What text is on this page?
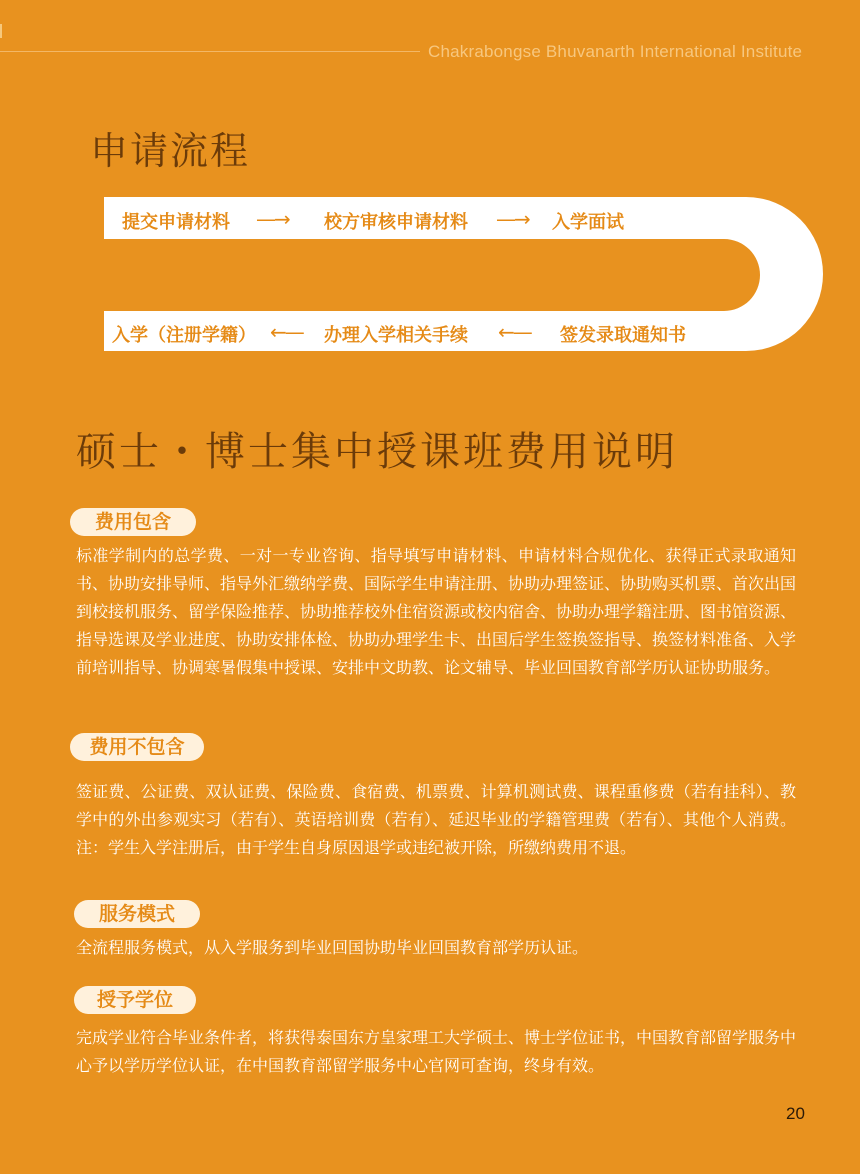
Chakrabongse Bhuvanarth International Institute
申请流程
提交申请材料 —→ 校方审核申请材料 —→ 入学面试
入学（注册学籍） ←— 办理入学相关手续 ←— 签发录取通知书
硕士・博士集中授课班费用说明
费用包含
标准学制内的总学费、一对一专业咨询、指导填写申请材料、申请材料合规优化、获得正式录取通知书、协助安排导师、指导外汇缴纳学费、国际学生申请注册、协助办理签证、协助购买机票、首次出国到校接机服务、留学保险推荐、协助推荐校外住宿资源或校内宿舍、协助办理学籍注册、图书馆资源、指导选课及学业进度、协助安排体检、协助办理学生卡、出国后学生签换签指导、换签材料准备、入学前培训指导、协调寒暑假集中授课、安排中文助教、论文辅导、毕业回国教育部学历认证协助服务。
费用不包含
签证费、公证费、双认证费、保险费、食宿费、机票费、计算机测试费、课程重修费（若有挂科）、教学中的外出参观实习（若有）、英语培训费（若有）、延迟毕业的学籍管理费（若有）、其他个人消费。注：学生入学注册后，由于学生自身原因退学或违纪被开除，所缴纳费用不退。
服务模式
全流程服务模式，从入学服务到毕业回国协助毕业回国教育部学历认证。
授予学位
完成学业符合毕业条件者，将获得泰国东方皇家理工大学硕士、博士学位证书，中国教育部留学服务中心予以学历学位认证，在中国教育部留学服务中心官网可查询，终身有效。
20
